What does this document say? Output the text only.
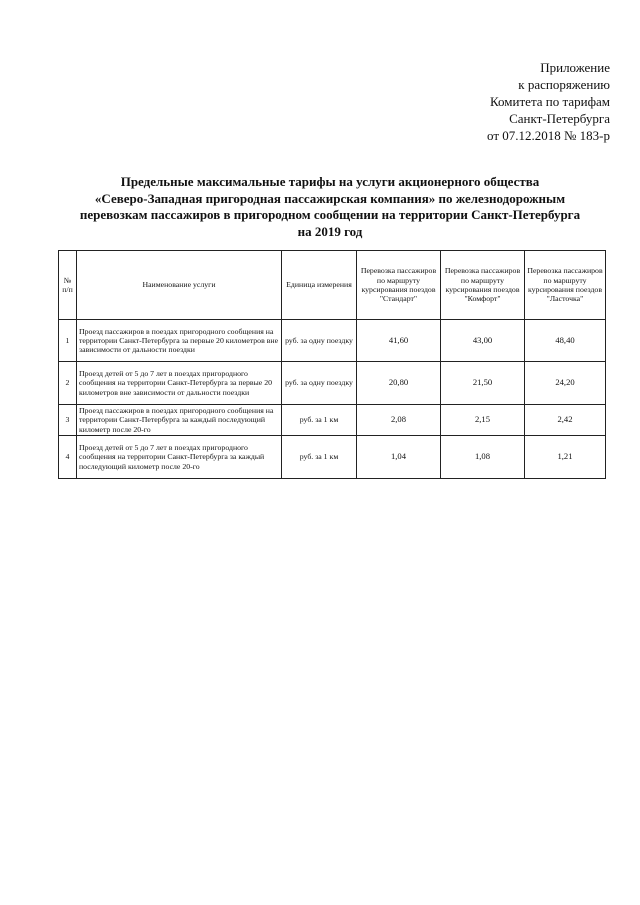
Приложение
к распоряжению
Комитета по тарифам
Санкт-Петербурга
от 07.12.2018 № 183-р
Предельные максимальные тарифы на услуги акционерного общества
«Северо-Западная пригородная пассажирская компания» по железнодорожным
перевозкам пассажиров в пригородном сообщении на территории Санкт-Петербурга
на 2019 год
№ п/п	Наименование услуги	Единица измерения	Перевозка пассажиров по маршруту курсирования поездов "Стандарт"	Перевозка пассажиров по маршруту курсирования поездов "Комфорт"	Перевозка пассажиров по маршруту курсирования поездов "Ласточка"
1	Проезд пассажиров в поездах пригородного сообщения на территории Санкт-Петербурга за первые 20 километров вне зависимости от дальности поездки	руб. за одну поездку	41,60	43,00	48,40
2	Проезд детей от 5 до 7 лет в поездах пригородного сообщения на территории Санкт-Петербурга за первые 20 километров вне зависимости от дальности поездки	руб. за одну поездку	20,80	21,50	24,20
3	Проезд пассажиров в поездах пригородного сообщения на территории Санкт-Петербурга за каждый последующий километр после 20-го	руб. за 1 км	2,08	2,15	2,42
4	Проезд детей от 5 до 7 лет в поездах пригородного сообщения на территории Санкт-Петербурга за каждый последующий километр после 20-го	руб. за 1 км	1,04	1,08	1,21
